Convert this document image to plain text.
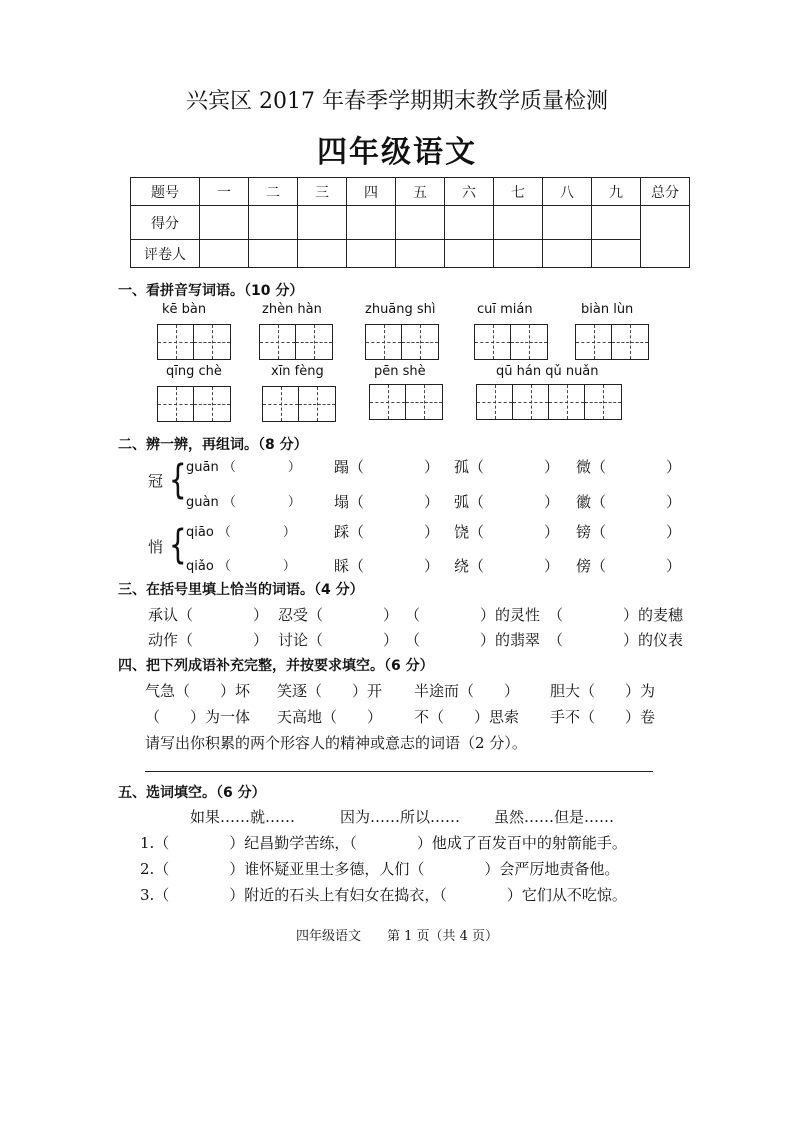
兴宾区 2017 年春季学期期末教学质量检测
四年级语文
题号	一	二	三	四	五	六	七	八	九	总分
得分										
评卷人										
一、看拼音写词语。（10 分）
kē bàn	zhèn hàn	zhuāng shì	cuī mián	biàn lùn
qīng chè	xīn fèng	pēn shè	qū hán qǔ nuǎn
二、辨一辨，再组词。（8 分）
冠 { guān （　　　　） 蹋（　　　　） 孤（　　　　） 微（　　　　）
guàn （　　　　） 塌（　　　　） 弧（　　　　） 徽（　　　　）
悄 { qiāo （　　　　）	踩（　　　　） 饶（　　　　） 镑（　　　　）
qiǎo （　　　　）	睬（　　　　） 绕（　　　　） 傍（　　　　）
三、在括号里填上恰当的词语。（4 分）
承认（　　　　） 忍受（　　　　） （　　　　）的灵性 （　　　　）的麦穗
动作（　　　　） 讨论（　　　　） （　　　　）的翡翠 （　　　　）的仪表
四、把下列成语补充完整，并按要求填空。（6 分）
气急（　　）坏 笑逐（　　）开 半途而（　　） 胆大（　　）为
（　　）为一体 天高地（　　） 不（　　）思索 手不（　　）卷
请写出你积累的两个形容人的精神或意志的词语（2 分）。
五、选词填空。（6 分）
如果……就……	因为……所以…… 虽然……但是……
1.（　　　　）纪昌勤学苦练，（　　　　）他成了百发百中的射箭能手。
2.（　　　　）谁怀疑亚里士多德，人们（　　　　）会严厉地责备他。
3.（　　　　）附近的石头上有妇女在捣衣，（　　　　）它们从不吃惊。
四年级语文　　第 1 页（共 4 页）
